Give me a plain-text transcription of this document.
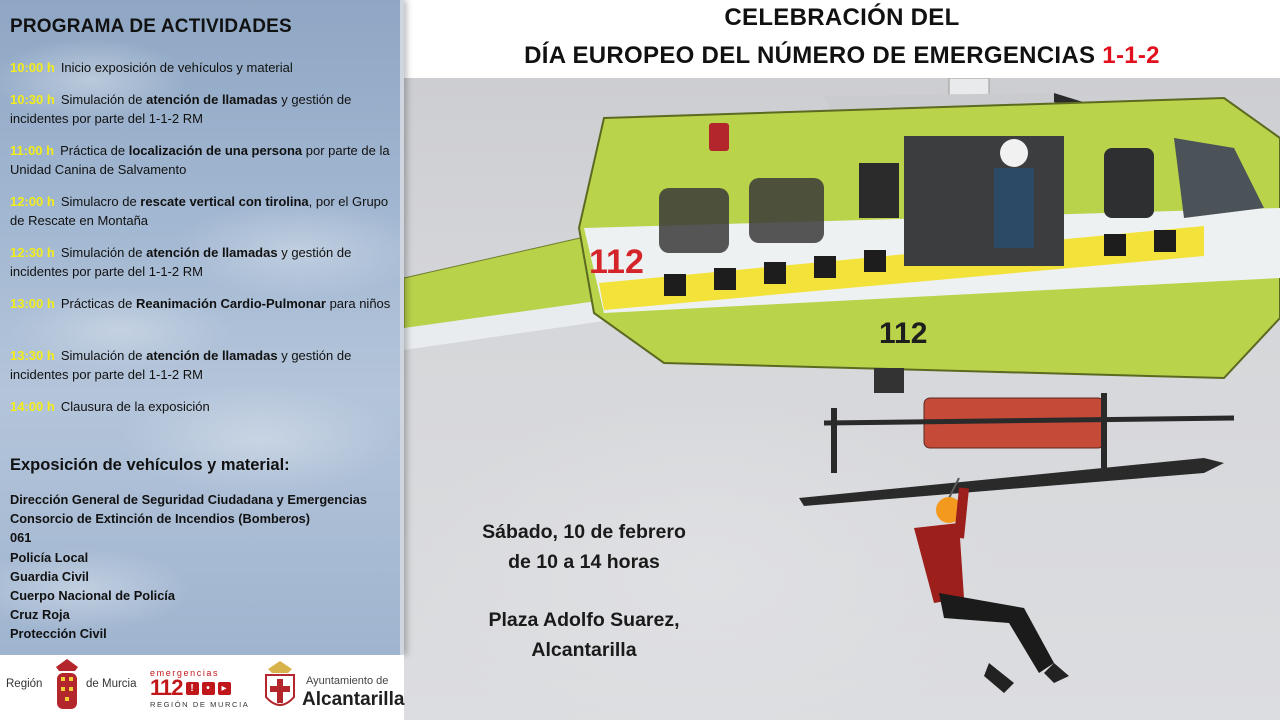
CELEBRACIÓN DEL
DÍA EUROPEO DEL NÚMERO DE EMERGENCIAS 1-1-2
112
112
Sábado, 10 de febrero
de 10 a 14 horas
Plaza Adolfo Suarez,
Alcantarilla
PROGRAMA DE ACTIVIDADES
10:00 h Inicio exposición de vehículos y material
10:30 h Simulación de atención de llamadas y gestión de incidentes por parte del 1-1-2 RM
11:00 h Práctica de localización de una persona por parte de la Unidad Canina de Salvamento
12:00 h Simulacro de rescate vertical con tirolina, por el Grupo de Rescate en Montaña
12:30 h Simulación de atención de llamadas y gestión de incidentes por parte del 1-1-2 RM
13:00 h Prácticas de Reanimación Cardio-Pulmonar para niños
13:30 h Simulación de atención de llamadas y gestión de incidentes por parte del 1-1-2 RM
14:00 h Clausura de la exposición
Exposición de vehículos y material:
Dirección General de Seguridad Ciudadana y Emergencias
Consorcio de Extinción de Incendios (Bomberos)
061
Policía Local
Guardia Civil
Cuerpo Nacional de Policía
Cruz Roja
Protección Civil
Región	de Murcia
emergencias
112 !	•	▸
REGIÓN DE MURCIA
Ayuntamiento de
Alcantarilla
